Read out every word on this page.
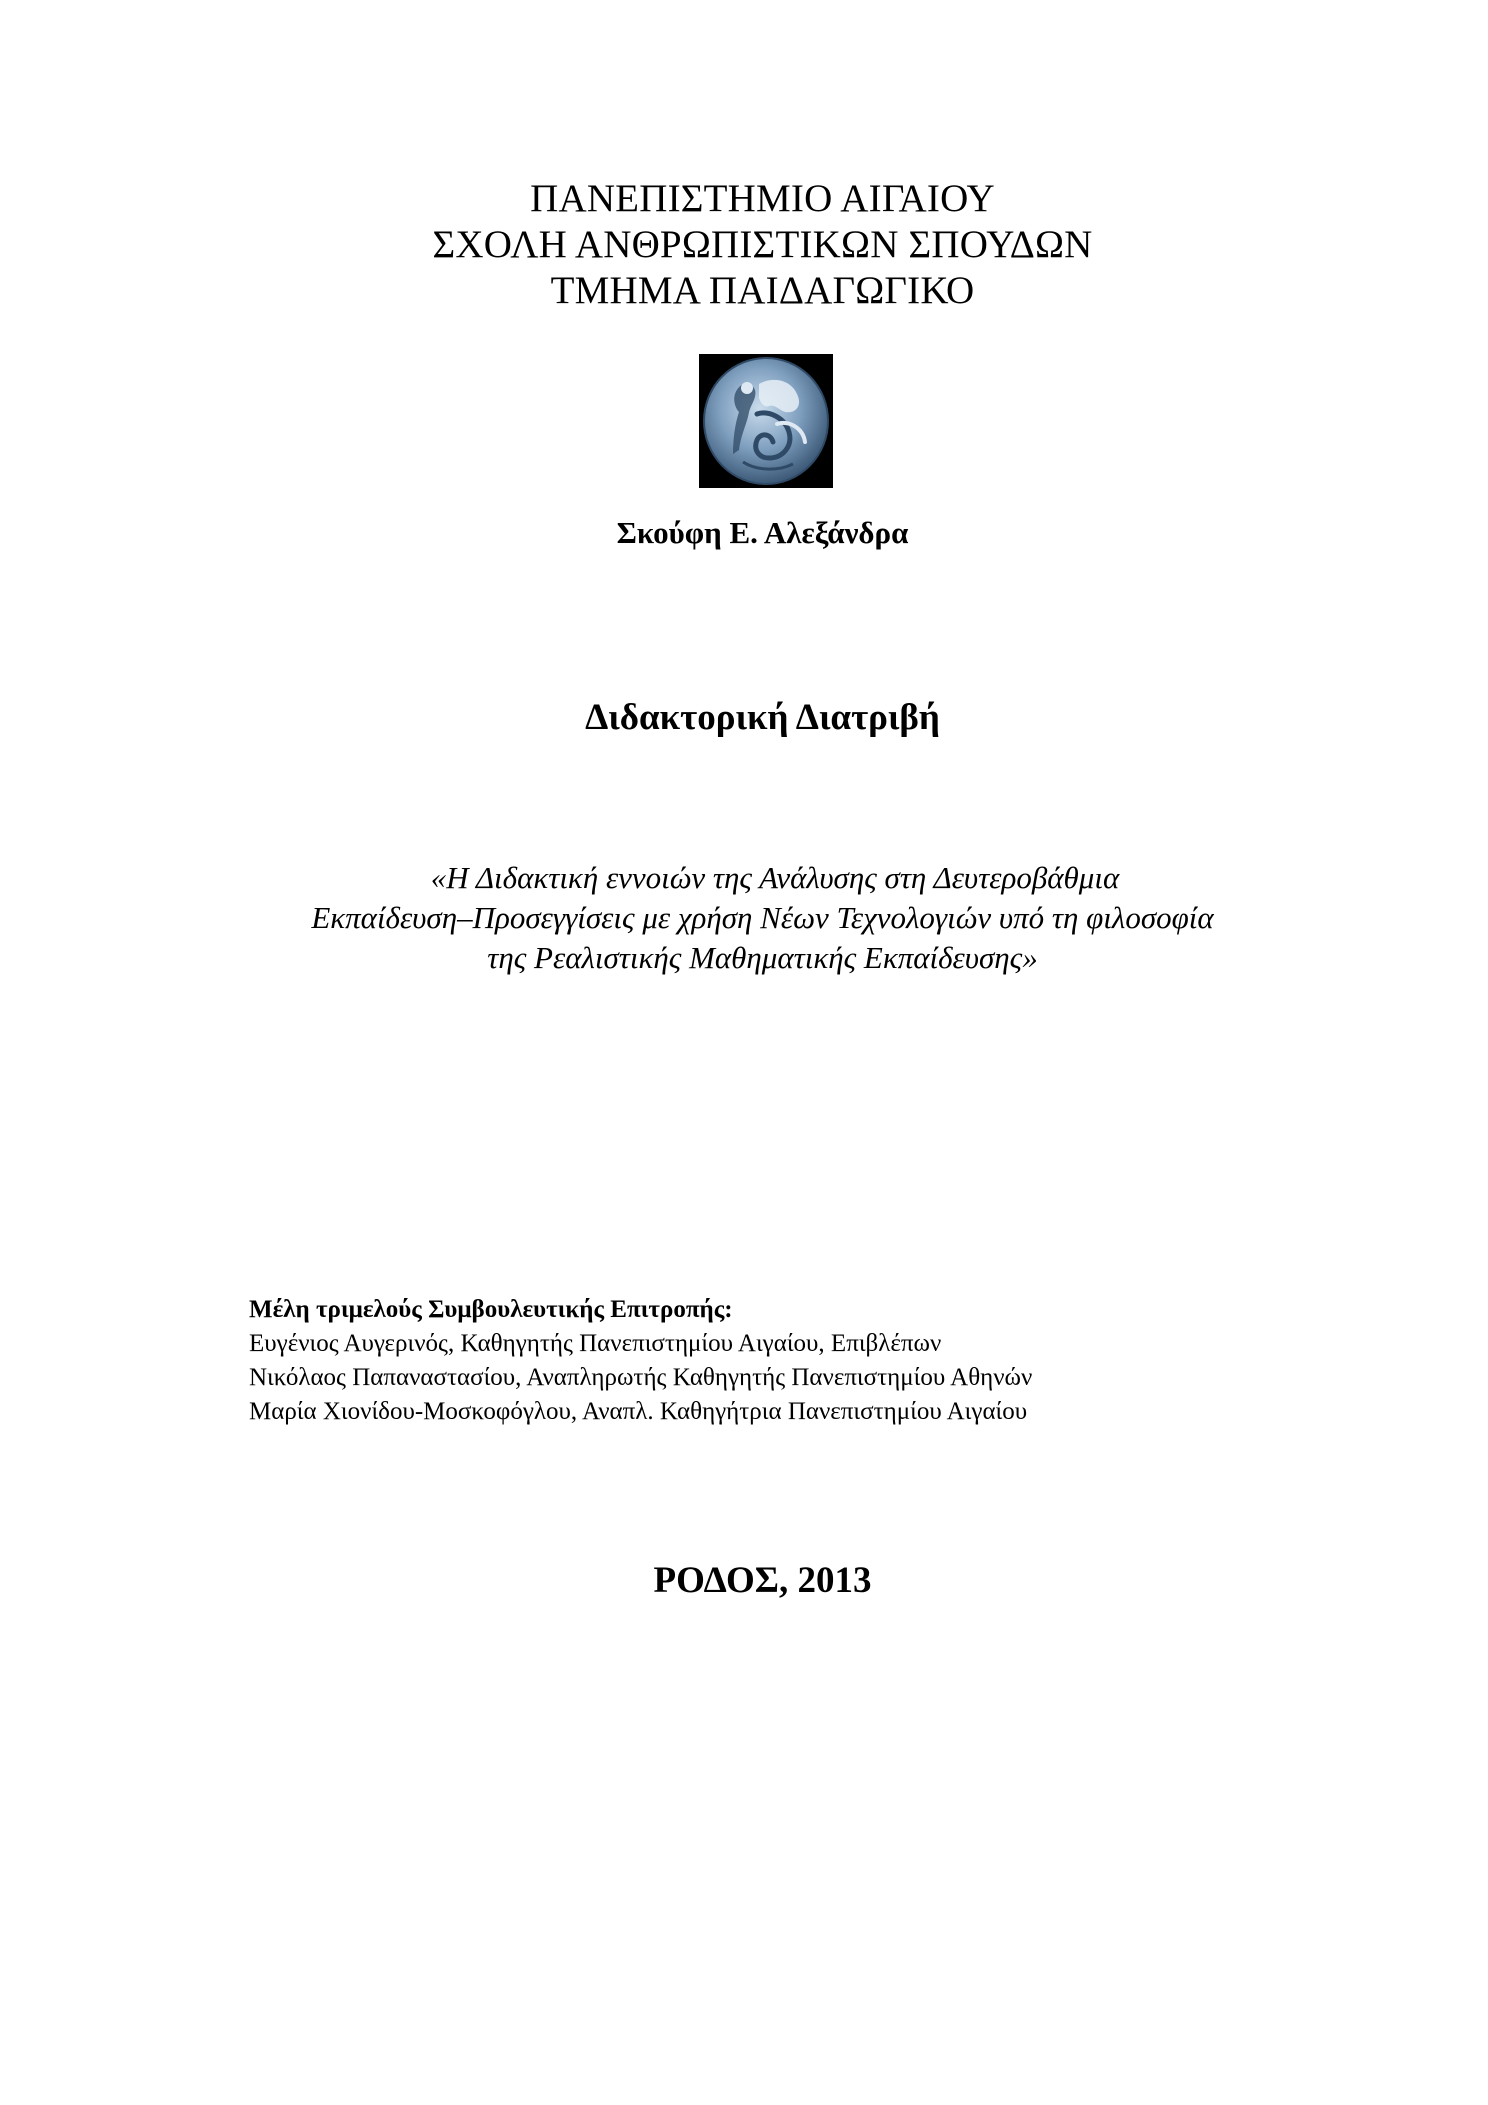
ΠΑΝΕΠΙΣΤΗΜΙΟ ΑΙΓΑΙΟΥ
ΣΧΟΛΗ ΑΝΘΡΩΠΙΣΤΙΚΩΝ ΣΠΟΥΔΩΝ
ΤΜΗΜΑ ΠΑΙΔΑΓΩΓΙΚΟ
Σκούφη Ε. Αλεξάνδρα
Διδακτορική Διατριβή
«Η Διδακτική εννοιών της Ανάλυσης στη Δευτεροβάθμια
Εκπαίδευση–Προσεγγίσεις με χρήση Νέων Τεχνολογιών υπό τη φιλοσοφία
της Ρεαλιστικής Μαθηματικής Εκπαίδευσης»
Μέλη τριμελούς Συμβουλευτικής Επιτροπής:
Ευγένιος Αυγερινός, Καθηγητής Πανεπιστημίου Αιγαίου, Επιβλέπων
Νικόλαος Παπαναστασίου, Αναπληρωτής Καθηγητής Πανεπιστημίου Αθηνών
Μαρία Χιονίδου-Μοσκοφόγλου, Αναπλ. Καθηγήτρια Πανεπιστημίου Αιγαίου
ΡΟΔΟΣ, 2013
